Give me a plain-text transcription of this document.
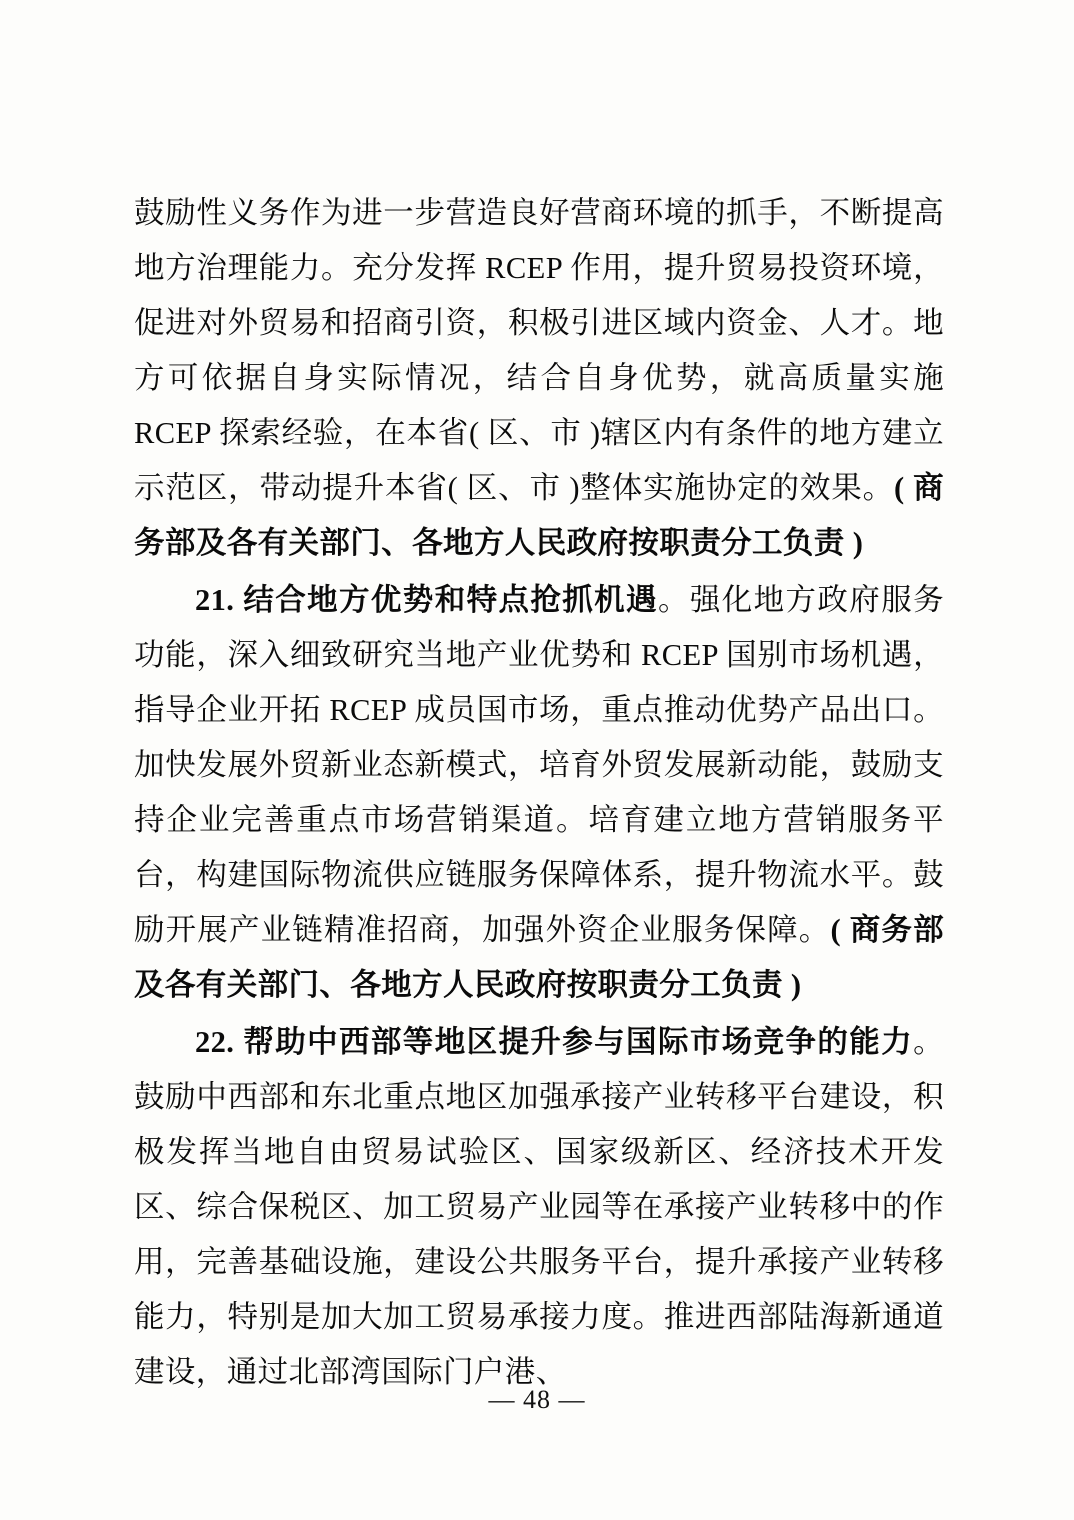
鼓励性义务作为进一步营造良好营商环境的抓手，不断提高地方治理能力。充分发挥 RCEP 作用，提升贸易投资环境，促进对外贸易和招商引资，积极引进区域内资金、人才。地方可依据自身实际情况，结合自身优势，就高质量实施 RCEP 探索经验，在本省( 区、市 )辖区内有条件的地方建立示范区，带动提升本省( 区、市 )整体实施协定的效果。( 商务部及各有关部门、各地方人民政府按职责分工负责 )

21. 结合地方优势和特点抢抓机遇。强化地方政府服务功能，深入细致研究当地产业优势和 RCEP 国别市场机遇，指导企业开拓 RCEP 成员国市场，重点推动优势产品出口。加快发展外贸新业态新模式，培育外贸发展新动能，鼓励支持企业完善重点市场营销渠道。培育建立地方营销服务平台，构建国际物流供应链服务保障体系，提升物流水平。鼓励开展产业链精准招商，加强外资企业服务保障。( 商务部及各有关部门、各地方人民政府按职责分工负责 )

22. 帮助中西部等地区提升参与国际市场竞争的能力。鼓励中西部和东北重点地区加强承接产业转移平台建设，积极发挥当地自由贸易试验区、国家级新区、经济技术开发区、综合保税区、加工贸易产业园等在承接产业转移中的作用，完善基础设施，建设公共服务平台，提升承接产业转移能力，特别是加大加工贸易承接力度。推进西部陆海新通道建设，通过北部湾国际门户港、

— 48 —
